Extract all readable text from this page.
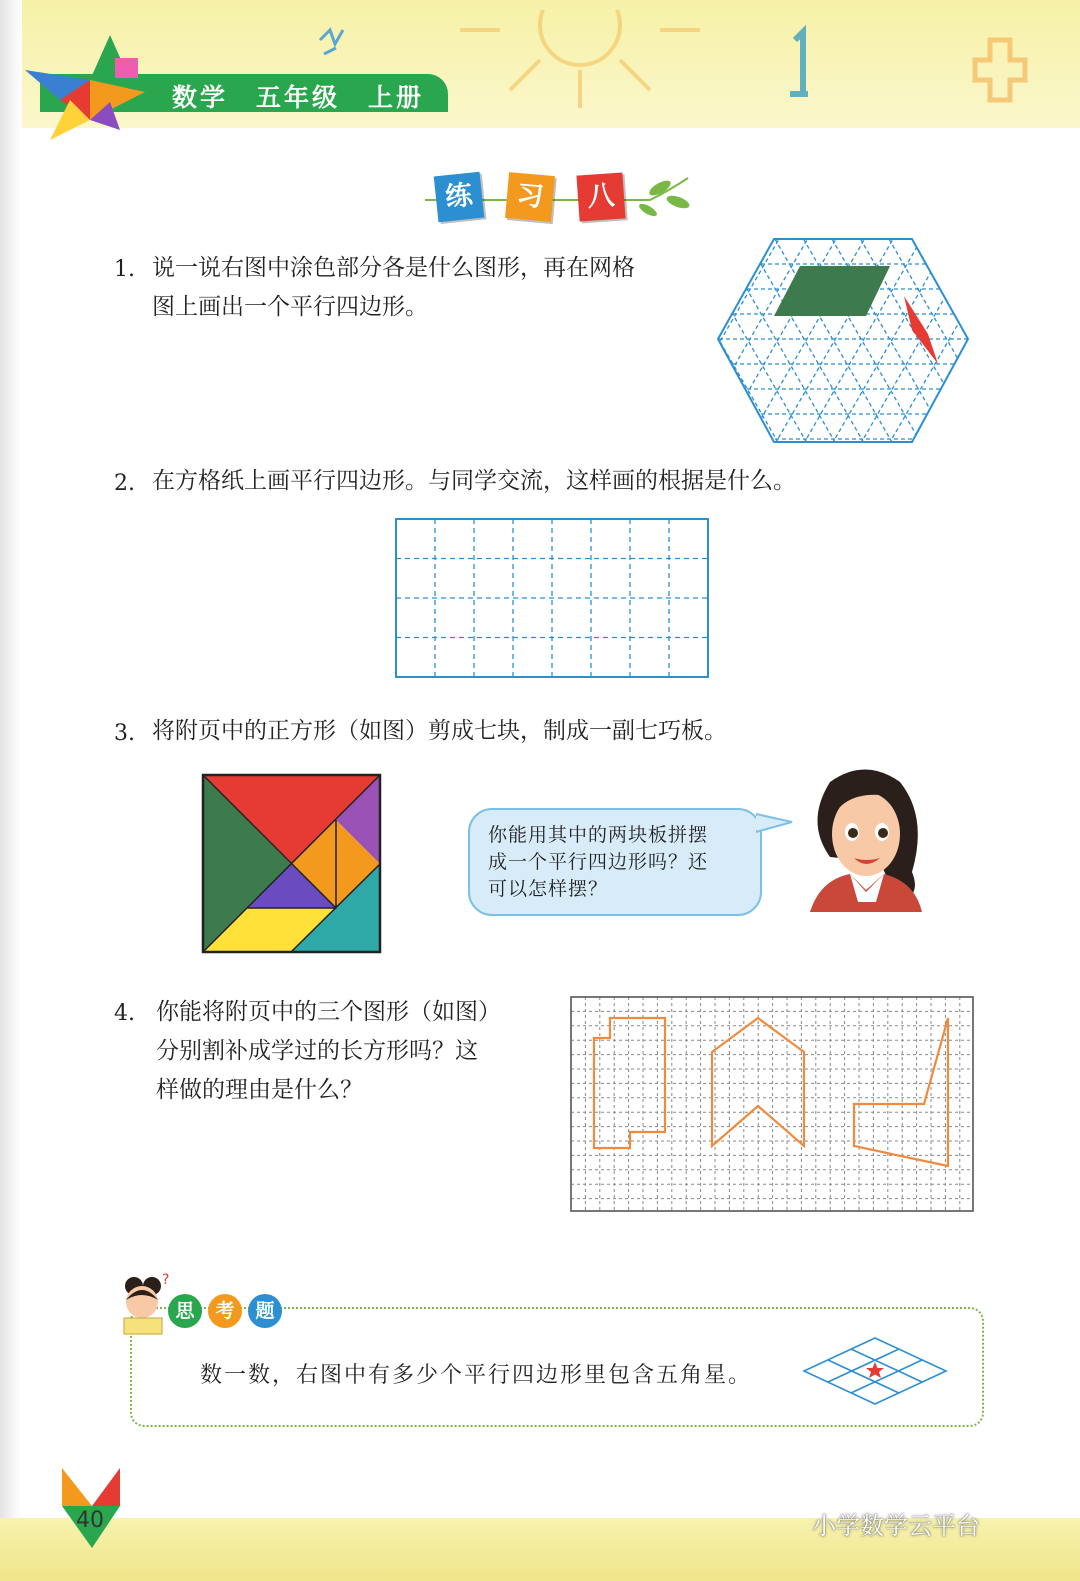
数学　五年级　上册
练	习	八
1. 说一说右图中涂色部分各是什么图形，再在网格
图上画出一个平行四边形。
2. 在方格纸上画平行四边形。与同学交流，这样画的根据是什么。
3. 将附页中的正方形（如图）剪成七块，制成一副七巧板。
你能用其中的两块板拼摆
成一个平行四边形吗？还
可以怎样摆？
4. 你能将附页中的三个图形（如图）
分别割补成学过的长方形吗？这
样做的理由是什么？
?
思	考	题
数一数，右图中有多少个平行四边形里包含五角星。
40	小学数学云平台
